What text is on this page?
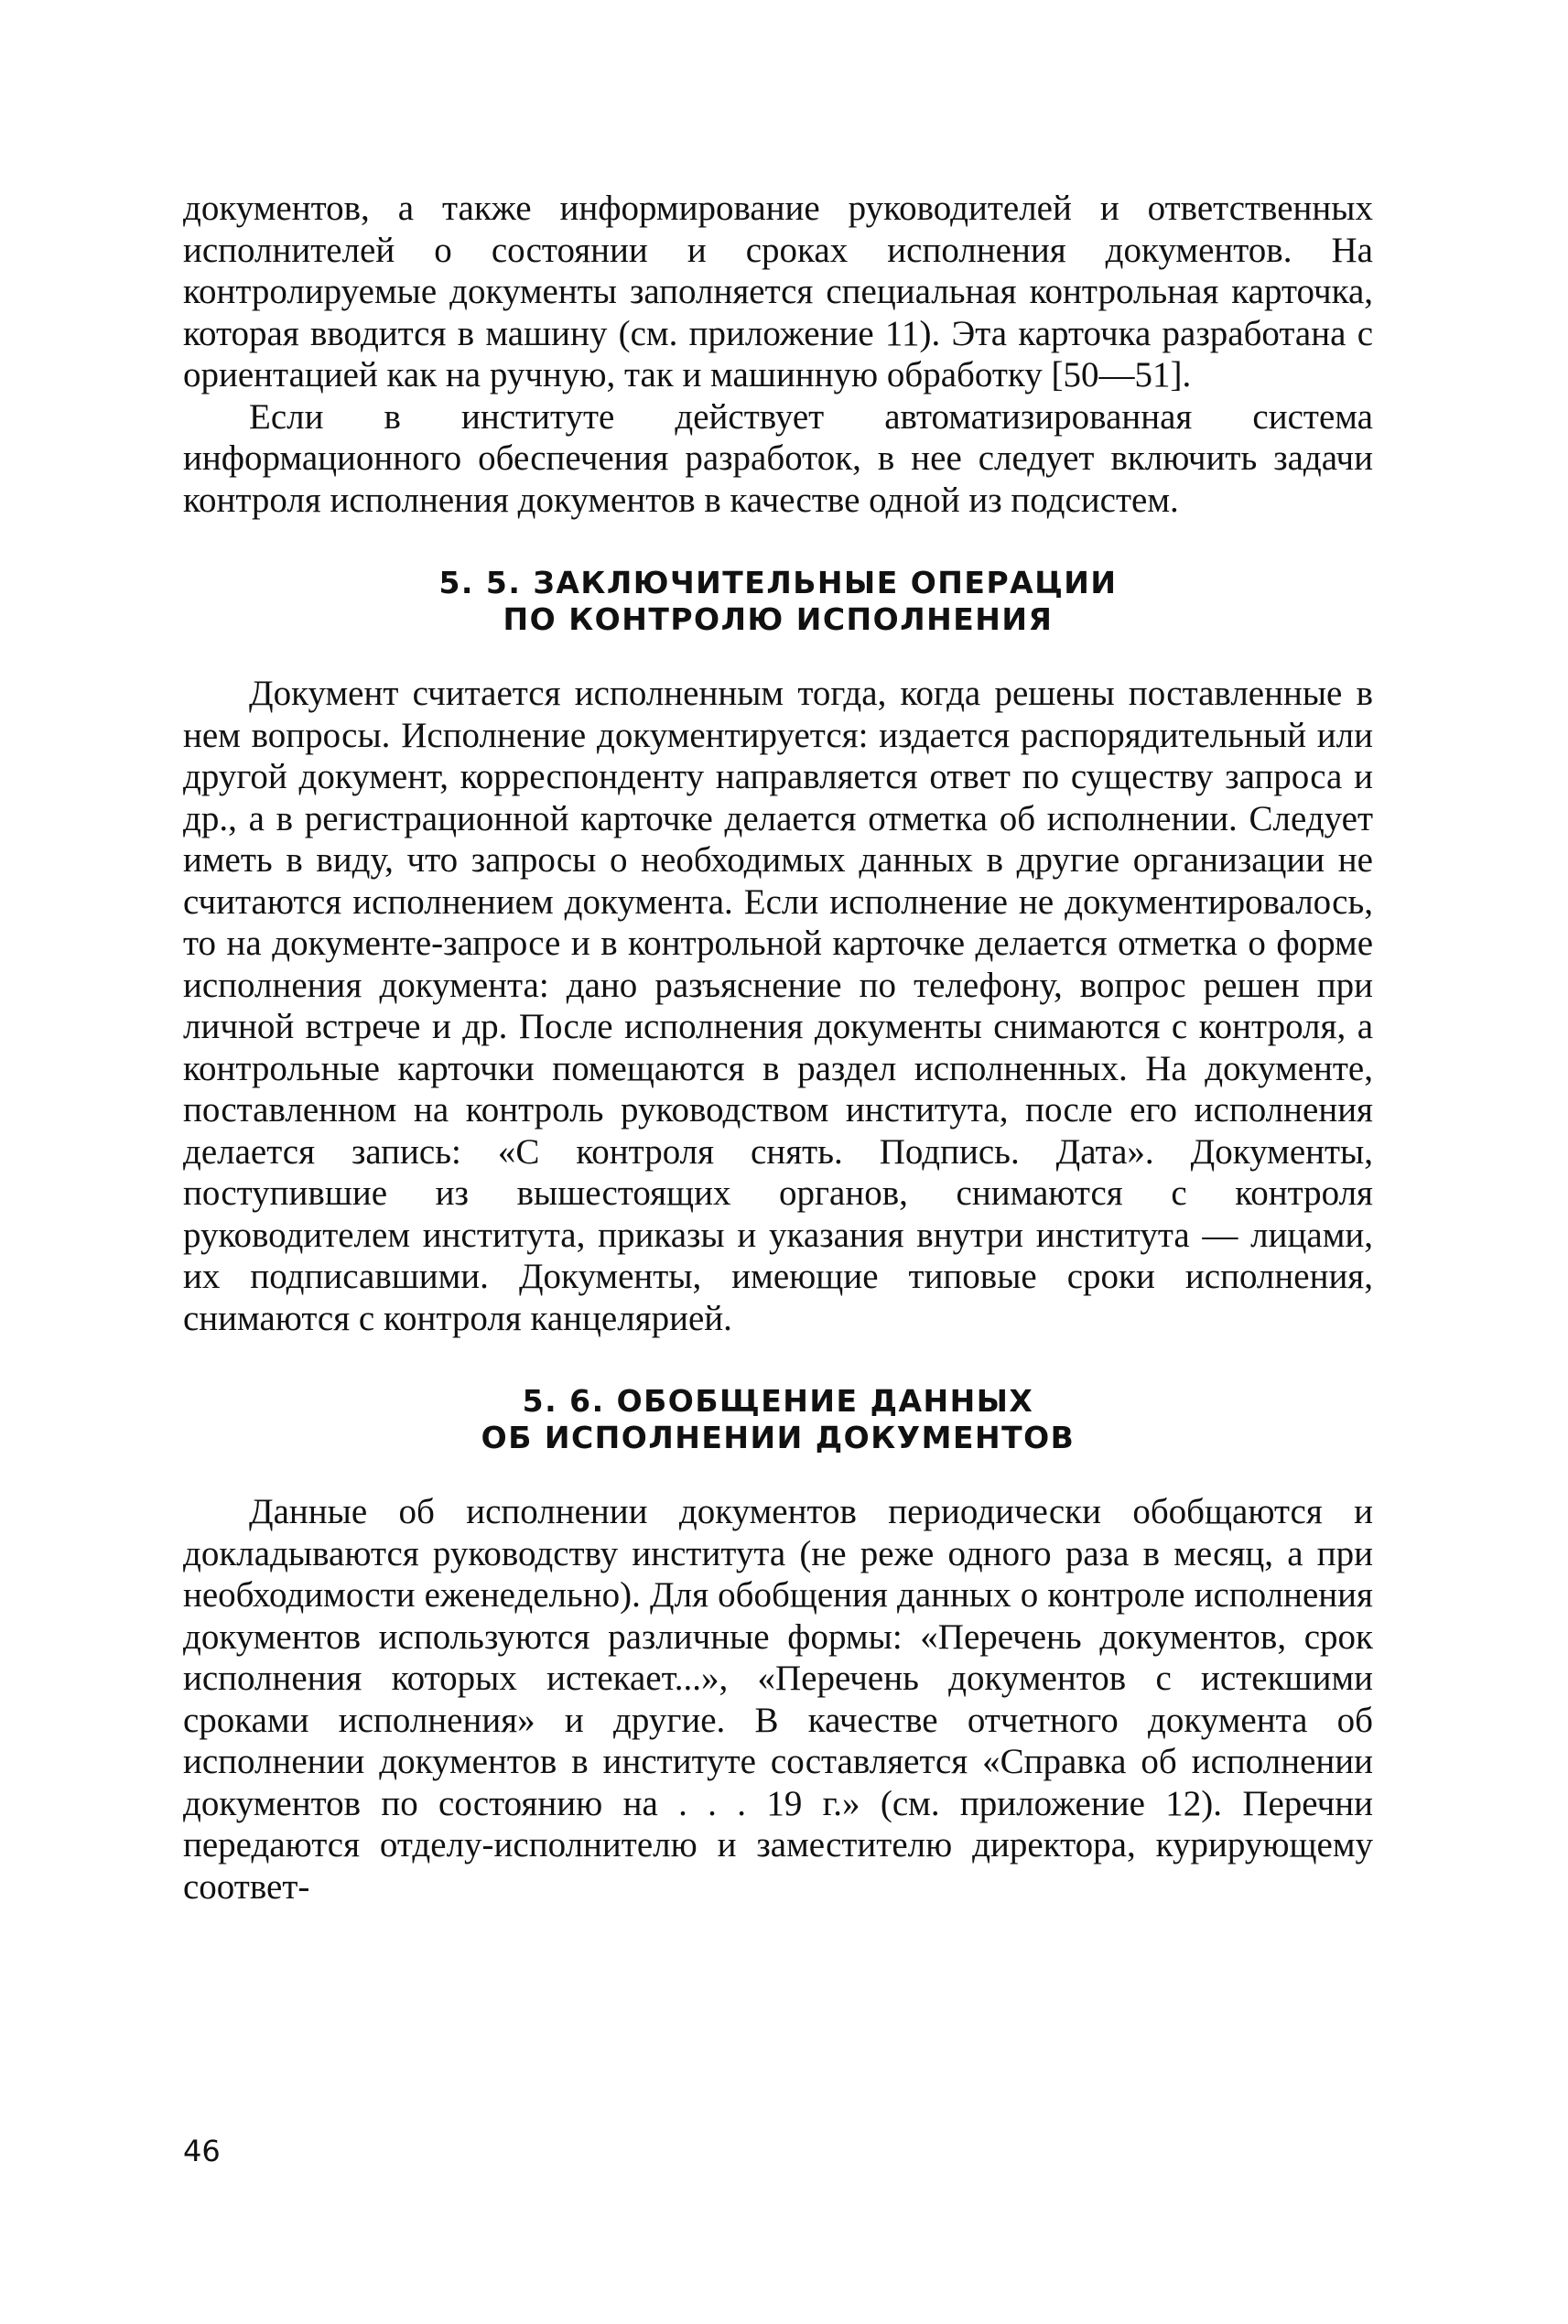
документов, а также информирование руководителей и ответственных исполнителей о состоянии и сроках исполнения документов. На контролируемые документы заполняется специальная контрольная карточка, которая вводится в машину (см. приложение 11). Эта карточка разработана с ориентацией как на ручную, так и машинную обработку [50—51].

Если в институте действует автоматизированная система информационного обеспечения разработок, в нее следует включить задачи контроля исполнения документов в качестве одной из подсистем.

5. 5. ЗАКЛЮЧИТЕЛЬНЫЕ ОПЕРАЦИИ
ПО КОНТРОЛЮ ИСПОЛНЕНИЯ

Документ считается исполненным тогда, когда решены поставленные в нем вопросы. Исполнение документируется: издается распорядительный или другой документ, корреспонденту направляется ответ по существу запроса и др., а в регистрационной карточке делается отметка об исполнении. Следует иметь в виду, что запросы о необходимых данных в другие организации не считаются исполнением документа. Если исполнение не документировалось, то на документе-запросе и в контрольной карточке делается отметка о форме исполнения документа: дано разъяснение по телефону, вопрос решен при личной встрече и др. После исполнения документы снимаются с контроля, а контрольные карточки помещаются в раздел исполненных. На документе, поставленном на контроль руководством института, после его исполнения делается запись: «С контроля снять. Подпись. Дата». Документы, поступившие из вышестоящих органов, снимаются с контроля руководителем института, приказы и указания внутри института — лицами, их подписавшими. Документы, имеющие типовые сроки исполнения, снимаются с контроля канцелярией.

5. 6. ОБОБЩЕНИЕ ДАННЫХ
ОБ ИСПОЛНЕНИИ ДОКУМЕНТОВ

Данные об исполнении документов периодически обобщаются и докладываются руководству института (не реже одного раза в месяц, а при необходимости еженедельно). Для обобщения данных о контроле исполнения документов используются различные формы: «Перечень документов, срок исполнения которых истекает...», «Перечень документов с истекшими сроками исполнения» и другие. В качестве отчетного документа об исполнении документов в институте составляется «Справка об исполнении документов по состоянию на . . . 19 г.» (см. приложение 12). Перечни передаются отделу-исполнителю и заместителю директора, курирующему соответ-

46
